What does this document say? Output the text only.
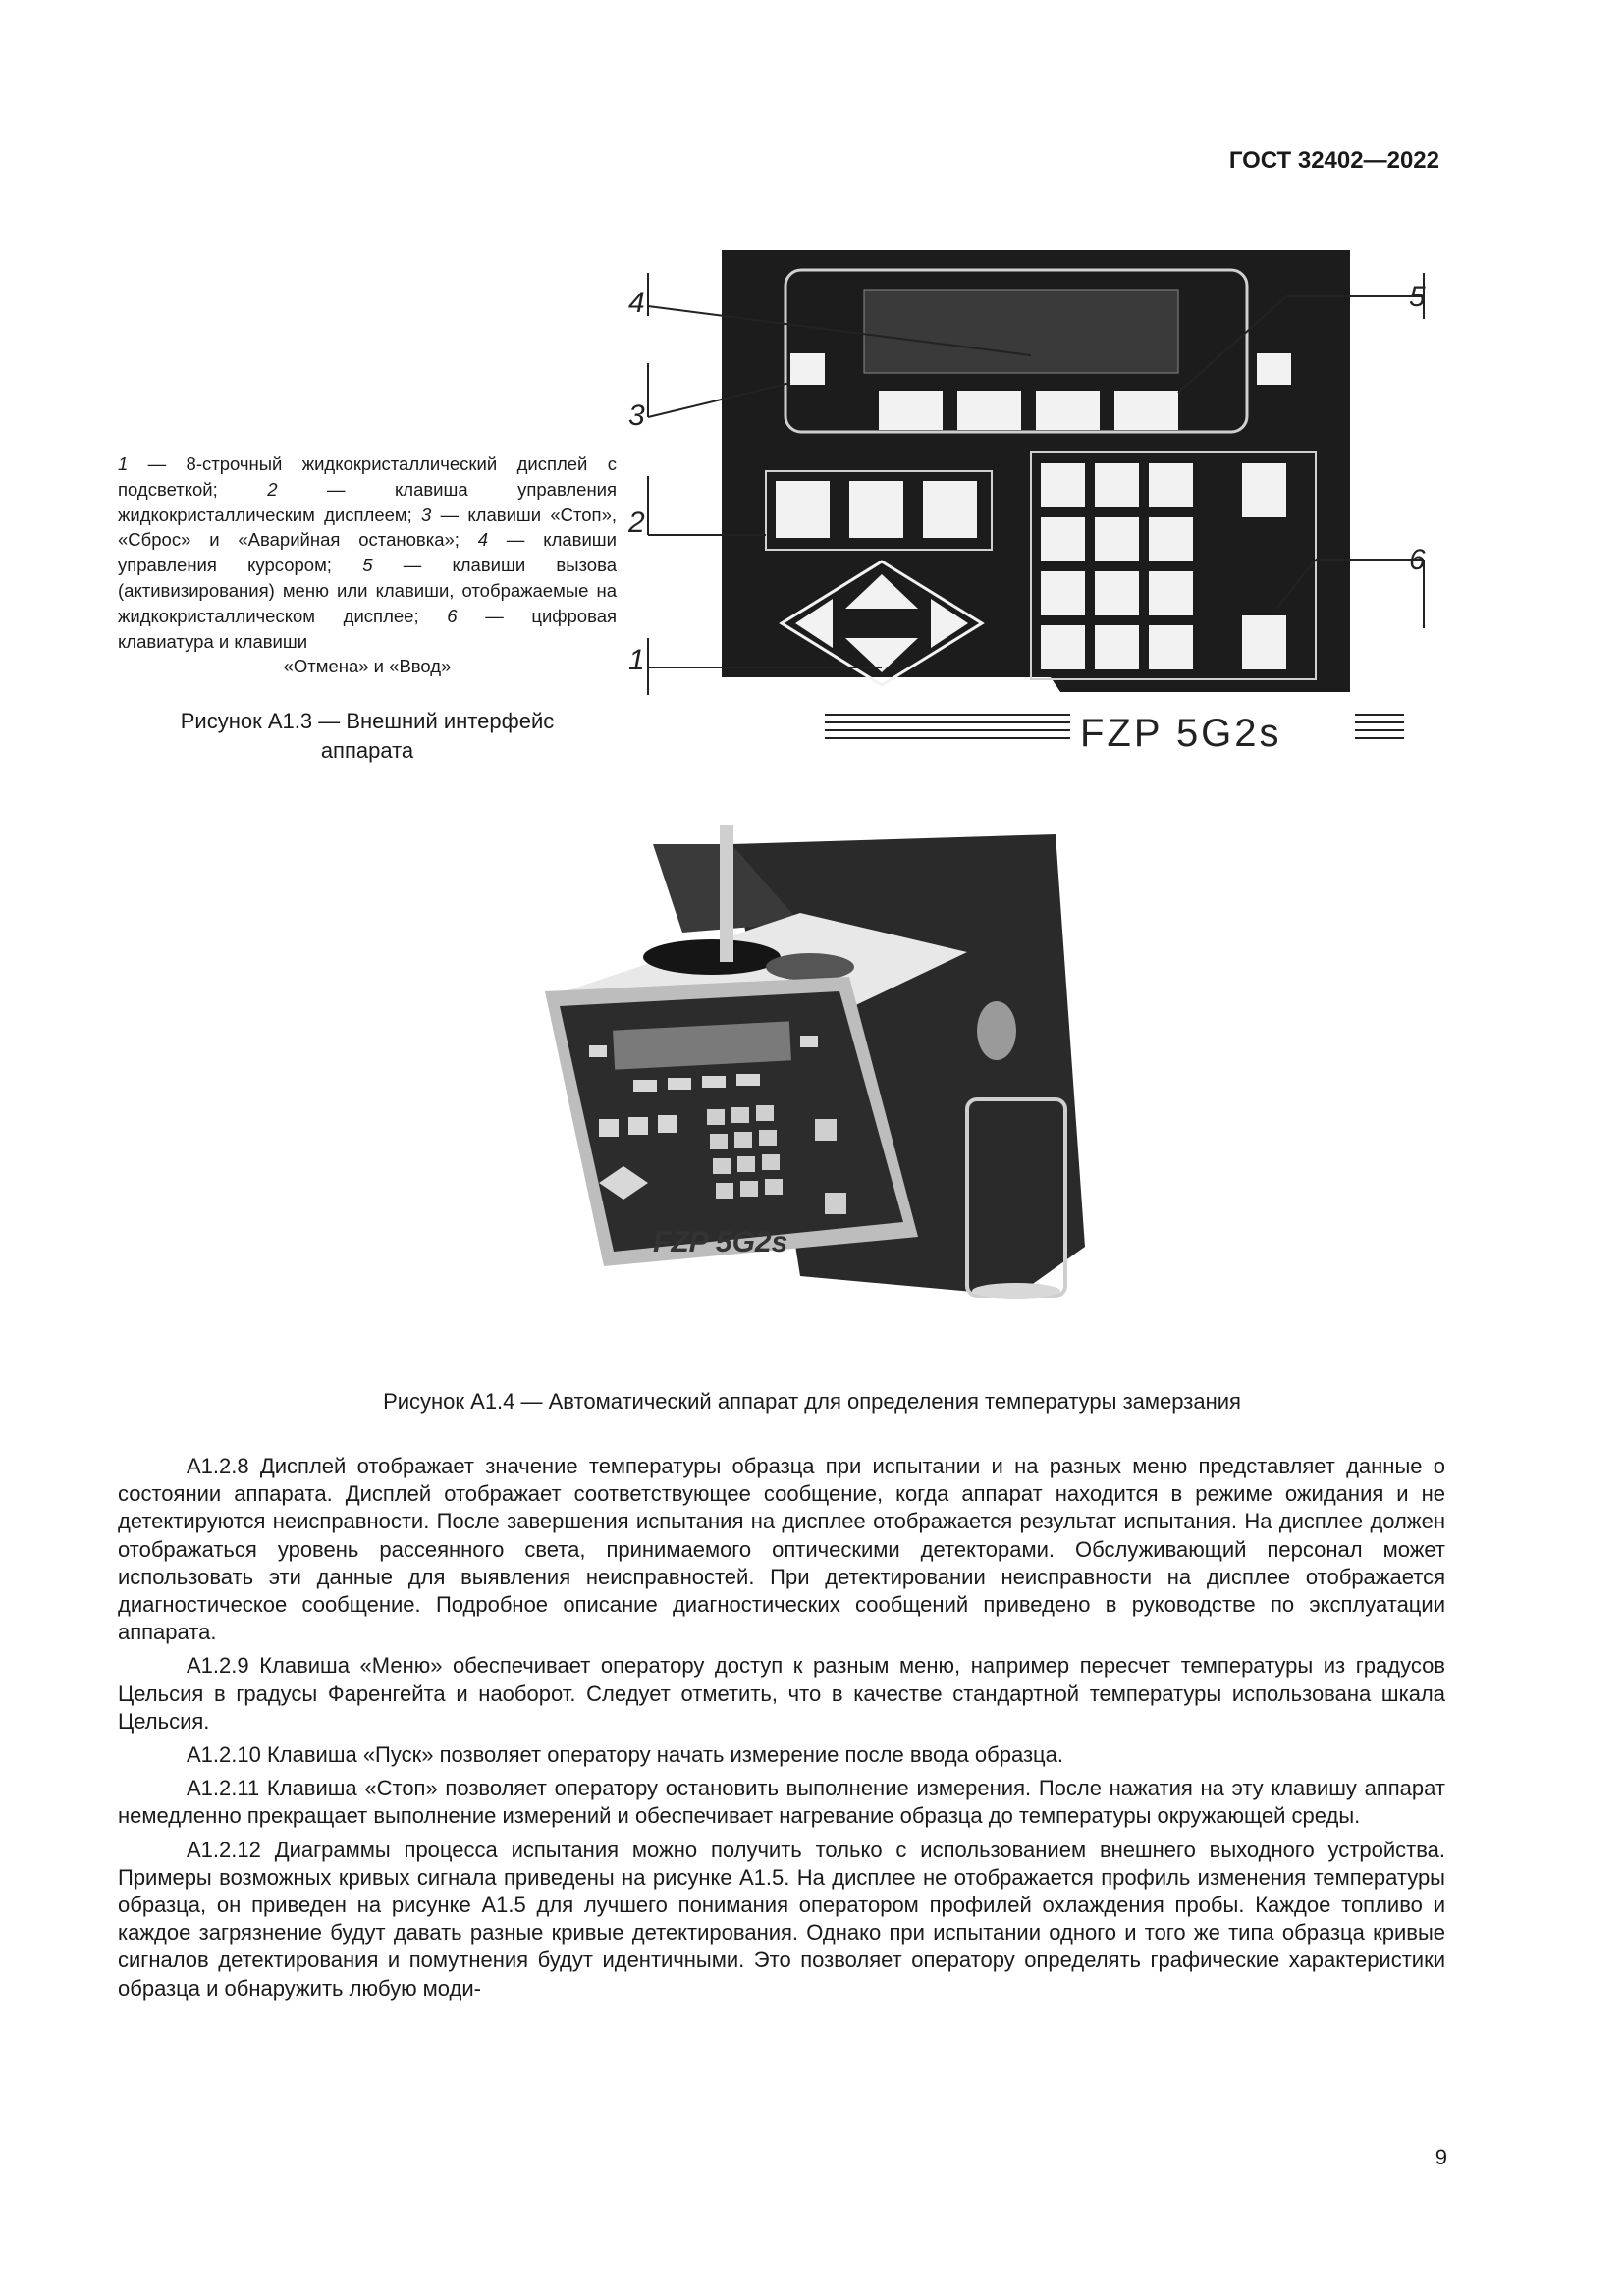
ГОСТ 32402—2022
1 — 8-строчный жидкокристаллический дисплей с подсветкой; 2 — клавиша управления жидкокристаллическим дисплеем; 3 — клавиши «Стоп», «Сброс» и «Аварийная остановка»; 4 — клавиши управления курсором; 5 — клавиши вызова (активизирования) меню или клавиши, отображаемые на жидкокристаллическом дисплее; 6 — цифровая клавиатура и клавиши
«Отмена» и «Ввод»
Рисунок А1.3 — Внешний интерфейс
аппарата
4
3
2
1
5
6
FZP 5G2s
FZP 5G2s
Рисунок А1.4 — Автоматический аппарат для определения температуры замерзания

А1.2.8 Дисплей отображает значение температуры образца при испытании и на разных меню представляет данные о состоянии аппарата. Дисплей отображает соответствующее сообщение, когда аппарат находится в режиме ожидания и не детектируются неисправности. После завершения испытания на дисплее отображается результат испытания. На дисплее должен отображаться уровень рассеянного света, принимаемого оптическими детекторами. Обслуживающий персонал может использовать эти данные для выявления неисправностей. При детектировании неисправности на дисплее отображается диагностическое сообщение. Подробное описание диагностических сообщений приведено в руководстве по эксплуатации аппарата.

А1.2.9 Клавиша «Меню» обеспечивает оператору доступ к разным меню, например пересчет температуры из градусов Цельсия в градусы Фаренгейта и наоборот. Следует отметить, что в качестве стандартной температуры использована шкала Цельсия.

А1.2.10 Клавиша «Пуск» позволяет оператору начать измерение после ввода образца.

А1.2.11 Клавиша «Стоп» позволяет оператору остановить выполнение измерения. После нажатия на эту клавишу аппарат немедленно прекращает выполнение измерений и обеспечивает нагревание образца до температуры окружающей среды.

А1.2.12 Диаграммы процесса испытания можно получить только с использованием внешнего выходного устройства. Примеры возможных кривых сигнала приведены на рисунке А1.5. На дисплее не отображается профиль изменения температуры образца, он приведен на рисунке А1.5 для лучшего понимания оператором профилей охлаждения пробы. Каждое топливо и каждое загрязнение будут давать разные кривые детектирования. Однако при испытании одного и того же типа образца кривые сигналов детектирования и помутнения будут идентичными. Это позволяет оператору определять графические характеристики образца и обнаружить любую моди-

9
